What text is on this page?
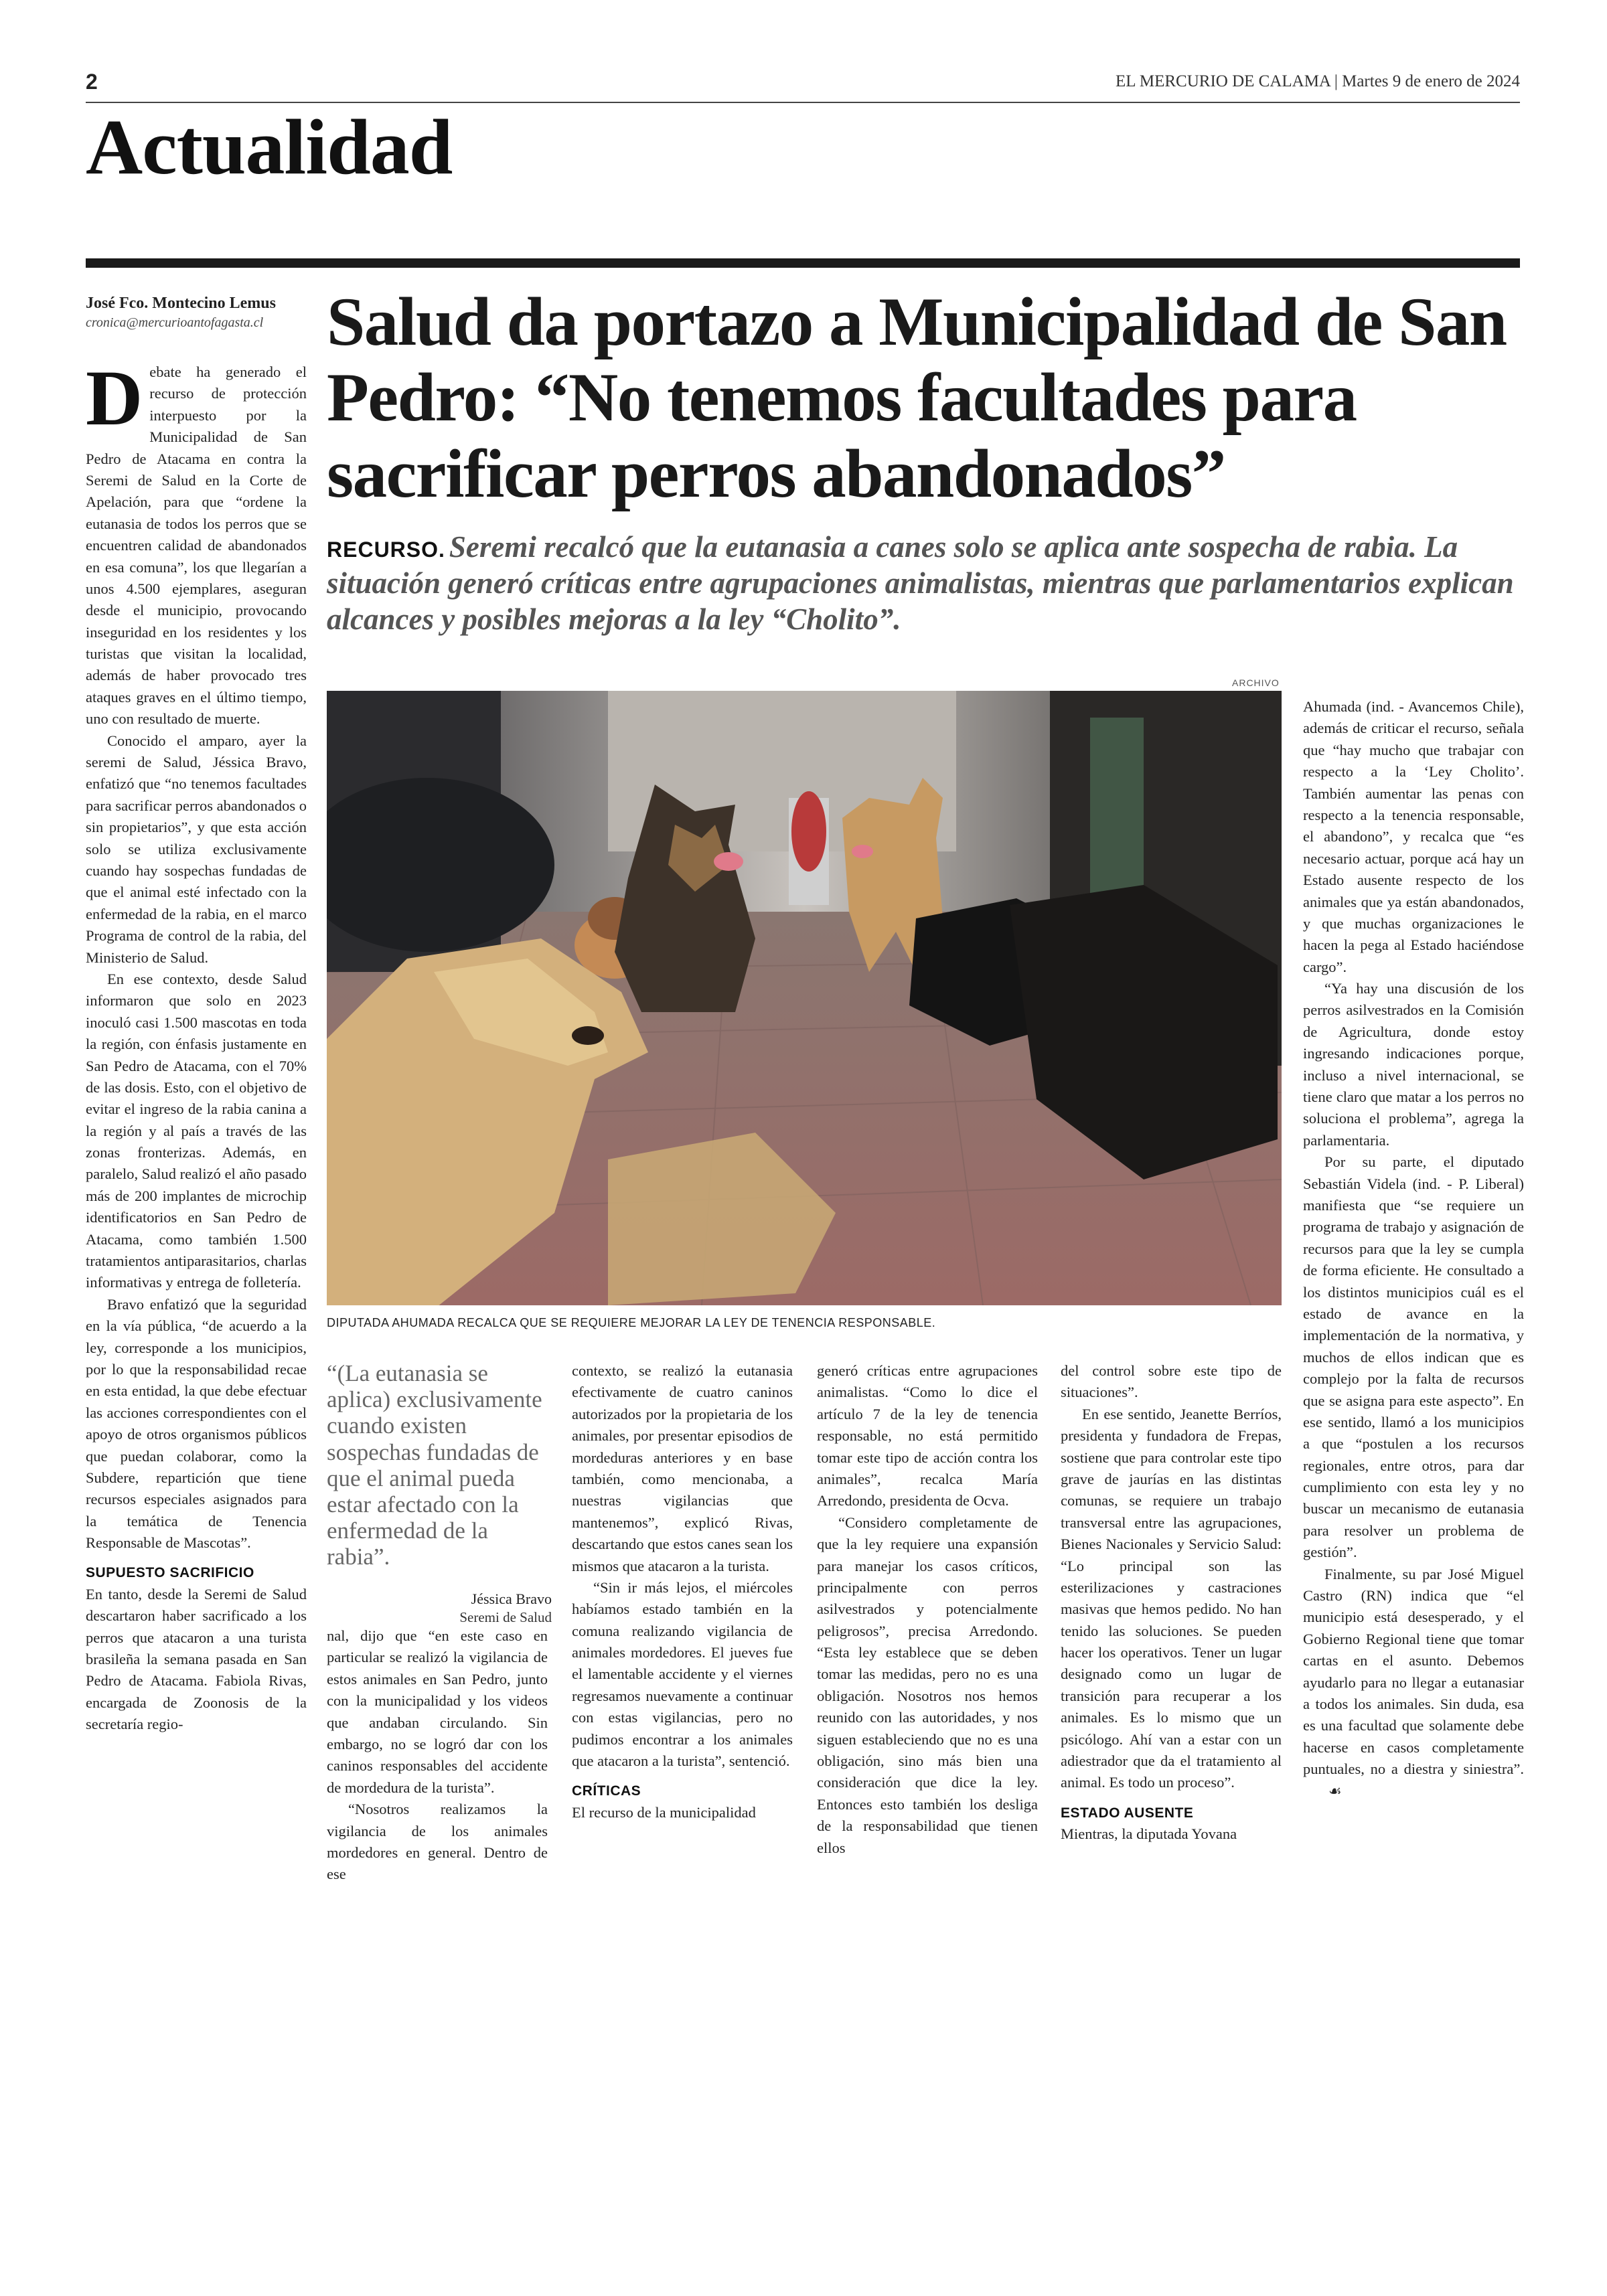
2	EL MERCURIO DE CALAMA | Martes 9 de enero de 2024
Actualidad
José Fco. Montecino Lemus
cronica@mercurioantofagasta.cl Salud da portazo a Municipalidad de San Pedro: “No tenemos facultades para sacrificar perros abandonados”
RECURSO. Seremi recalcó que la eutanasia a canes solo se aplica ante sospecha de rabia. La situación generó críticas entre agrupaciones animalistas, mientras que parlamentarios explican alcances y posibles mejoras a la ley “Cholito”.
ARCHIVO
DIPUTADA AHUMADA RECALCA QUE SE REQUIERE MEJORAR LA LEY DE TENENCIA RESPONSABLE.

Debate ha generado el recurso de protección interpuesto por la Municipalidad de San Pedro de Atacama en contra la Seremi de Salud en la Corte de Apelación, para que “ordene la eutanasia de todos los perros que se encuentren calidad de abandonados en esa comuna”, los que llegarían a unos 4.500 ejemplares, aseguran desde el municipio, provocando inseguridad en los residentes y los turistas que visitan la localidad, además de haber provocado tres ataques graves en el último tiempo, uno con resultado de muerte.

Conocido el amparo, ayer la seremi de Salud, Jéssica Bravo, enfatizó que “no tenemos facultades para sacrificar perros abandonados o sin propietarios”, y que esta acción solo se utiliza exclusivamente cuando hay sospechas fundadas de que el animal esté infectado con la enfermedad de la rabia, en el marco Programa de control de la rabia, del Ministerio de Salud.

En ese contexto, desde Salud informaron que solo en 2023 inoculó casi 1.500 mascotas en toda la región, con énfasis justamente en San Pedro de Atacama, con el 70% de las dosis. Esto, con el objetivo de evitar el ingreso de la rabia canina a la región y al país a través de las zonas fronterizas. Además, en paralelo, Salud realizó el año pasado más de 200 implantes de microchip identificatorios en San Pedro de Atacama, como también 1.500 tratamientos antiparasitarios, charlas informativas y entrega de folletería.

Bravo enfatizó que la seguridad en la vía pública, “de acuerdo a la ley, corresponde a los municipios, por lo que la responsabilidad recae en esta entidad, la que debe efectuar las acciones correspondientes con el apoyo de otros organismos públicos que puedan colaborar, como la Subdere, repartición que tiene recursos especiales asignados para la temática de Tenencia Responsable de Mascotas”.

SUPUESTO SACRIFICIO

En tanto, desde la Seremi de Salud descartaron haber sacrificado a los perros que atacaron a una turista brasileña la semana pasada en San Pedro de Atacama. Fabiola Rivas, encargada de Zoonosis de la secretaría regio-

“(La eutanasia se aplica) exclusivamente cuando existen sospechas fundadas de que el animal pueda estar afectado con la enfermedad de la rabia”.
Jéssica Bravo
Seremi de Salud

nal, dijo que “en este caso en particular se realizó la vigilancia de estos animales en San Pedro, junto con la municipalidad y los videos que andaban circulando. Sin embargo, no se logró dar con los caninos responsables del accidente de mordedura de la turista”.

“Nosotros realizamos la vigilancia de los animales mordedores en general. Dentro de ese

contexto, se realizó la eutanasia efectivamente de cuatro caninos autorizados por la propietaria de los animales, por presentar episodios de mordeduras anteriores y en base también, como mencionaba, a nuestras vigilancias que mantenemos”, explicó Rivas, descartando que estos canes sean los mismos que atacaron a la turista.

“Sin ir más lejos, el miércoles habíamos estado también en la comuna realizando vigilancia de animales mordedores. El jueves fue el lamentable accidente y el viernes regresamos nuevamente a continuar con estas vigilancias, pero no pudimos encontrar a los animales que atacaron a la turista”, sentenció.

CRÍTICAS

El recurso de la municipalidad

generó críticas entre agrupaciones animalistas. “Como lo dice el artículo 7 de la ley de tenencia responsable, no está permitido tomar este tipo de acción contra los animales”, recalca María Arredondo, presidenta de Ocva.

“Considero completamente de que la ley requiere una expansión para manejar los casos críticos, principalmente con perros asilvestrados y potencialmente peligrosos”, precisa Arredondo. “Esta ley establece que se deben tomar las medidas, pero no es una obligación. Nosotros nos hemos reunido con las autoridades, y nos siguen estableciendo que no es una obligación, sino más bien una consideración que dice la ley. Entonces esto también los desliga de la responsabilidad que tienen ellos

del control sobre este tipo de situaciones”.

En ese sentido, Jeanette Berríos, presidenta y fundadora de Frepas, sostiene que para controlar este tipo grave de jaurías en las distintas comunas, se requiere un trabajo transversal entre las agrupaciones, Bienes Nacionales y Servicio Salud: “Lo principal son las esterilizaciones y castraciones masivas que hemos pedido. No han tenido las soluciones. Se pueden hacer los operativos. Tener un lugar designado como un lugar de transición para recuperar a los animales. Es lo mismo que un psicólogo. Ahí van a estar con un adiestrador que da el tratamiento al animal. Es todo un proceso”.

ESTADO AUSENTE

Mientras, la diputada Yovana

Ahumada (ind. - Avancemos Chile), además de criticar el recurso, señala que “hay mucho que trabajar con respecto a la ‘Ley Cholito’. También aumentar las penas con respecto a la tenencia responsable, el abandono”, y recalca que “es necesario actuar, porque acá hay un Estado ausente respecto de los animales que ya están abandonados, y que muchas organizaciones le hacen la pega al Estado haciéndose cargo”.

“Ya hay una discusión de los perros asilvestrados en la Comisión de Agricultura, donde estoy ingresando indicaciones porque, incluso a nivel internacional, se tiene claro que matar a los perros no soluciona el problema”, agrega la parlamentaria.

Por su parte, el diputado Sebastián Videla (ind. - P. Liberal) manifiesta que “se requiere un programa de trabajo y asignación de recursos para que la ley se cumpla de forma eficiente. He consultado a los distintos municipios cuál es el estado de avance en la implementación de la normativa, y muchos de ellos indican que es complejo por la falta de recursos que se asigna para este aspecto”. En ese sentido, llamó a los municipios a que “postulen a los recursos regionales, entre otros, para dar cumplimiento con esta ley y no buscar un mecanismo de eutanasia para resolver un problema de gestión”.

Finalmente, su par José Miguel Castro (RN) indica que “el municipio está desesperado, y el Gobierno Regional tiene que tomar cartas en el asunto. Debemos ayudarlo para no llegar a eutanasiar a todos los animales. Sin duda, esa es una facultad que solamente debe hacerse en casos completamente puntuales, no a diestra y siniestra”.☙
